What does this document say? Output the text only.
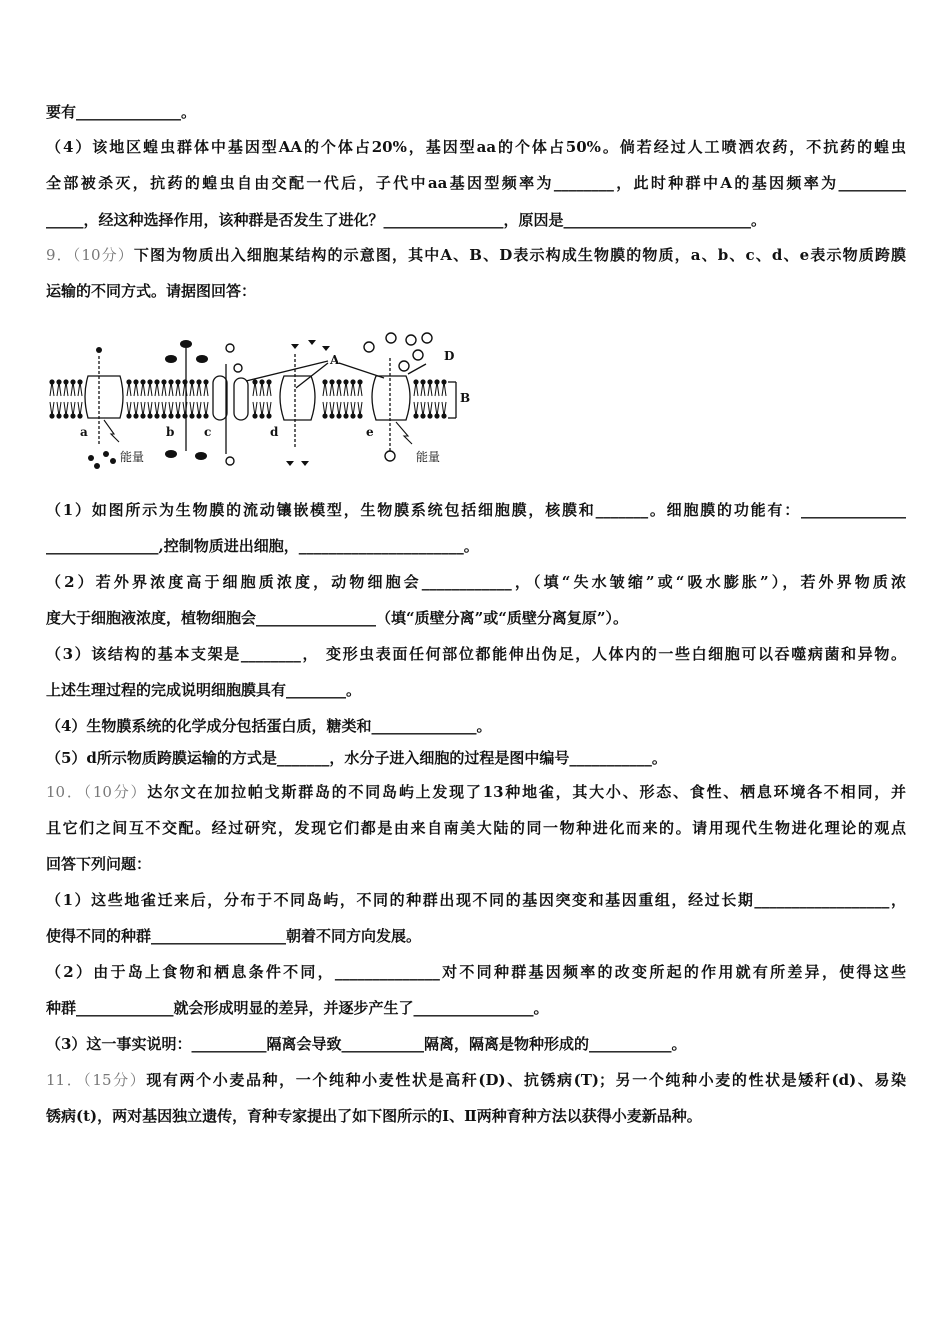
要有______________。
（4）该地区蝗虫群体中基因型AA的个体占20%，基因型aa的个体占50%。倘若经过人工喷洒农药，不抗药的蝗虫
全部被杀灭，抗药的蝗虫自由交配一代后，子代中aa基因型频率为________，此时种群中A的基因频率为_________
_____，经这种选择作用，该种群是否发生了进化？________________，原因是_________________________。
9．（10分）下图为物质出入细胞某结构的示意图，其中A、B、D表示构成生物膜的物质，a、b、c、d、e表示物质跨膜
运输的不同方式。请据图回答：
a	b c	d	e
A
B
D
能量	能量
（1）如图所示为生物膜的流动镶嵌模型，生物膜系统包括细胞膜，核膜和_______。细胞膜的功能有：______________
_______________,控制物质进出细胞，______________________。
（2）若外界浓度高于细胞质浓度，动物细胞会____________，（填“失水皱缩”或“吸水膨胀”），若外界物质浓
度大于细胞液浓度，植物细胞会________________（填“质壁分离”或“质壁分离复原”）。
（3）该结构的基本支架是________， 变形虫表面任何部位都能伸出伪足，人体内的一些白细胞可以吞噬病菌和异物。
上述生理过程的完成说明细胞膜具有________。
（4）生物膜系统的化学成分包括蛋白质，糖类和______________。
（5）d所示物质跨膜运输的方式是_______，水分子进入细胞的过程是图中编号___________。
10．（10分）达尔文在加拉帕戈斯群岛的不同岛屿上发现了13种地雀，其大小、形态、食性、栖息环境各不相同，并
且它们之间互不交配。经过研究，发现它们都是由来自南美大陆的同一物种进化而来的。请用现代生物进化理论的观点
回答下列问题：
（1）这些地雀迁来后，分布于不同岛屿，不同的种群出现不同的基因突变和基因重组，经过长期__________________，
使得不同的种群__________________朝着不同方向发展。
（2）由于岛上食物和栖息条件不同，______________对不同种群基因频率的改变所起的作用就有所差异，使得这些
种群_____________就会形成明显的差异，并逐步产生了________________。
（3）这一事实说明：__________隔离会导致___________隔离，隔离是物种形成的___________。
11．（15分）现有两个小麦品种，一个纯种小麦性状是高秆(D)、抗锈病(T)；另一个纯种小麦的性状是矮秆(d)、易染
锈病(t)，两对基因独立遗传，育种专家提出了如下图所示的Ⅰ、Ⅱ两种育种方法以获得小麦新品种。
